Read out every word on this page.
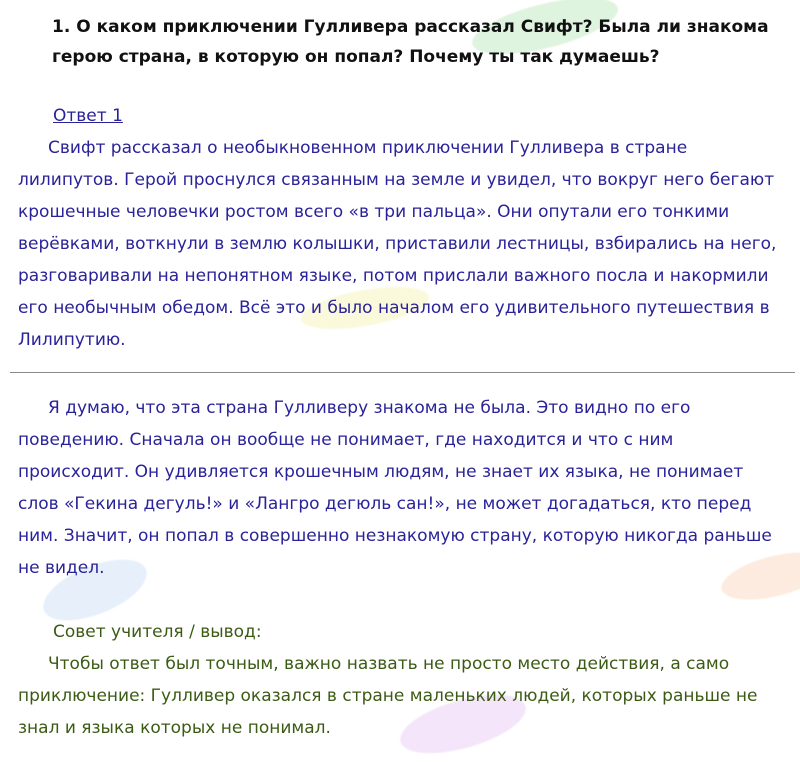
1. О каком приключении Гулливера рассказал Свифт? Была ли знакома герою страна, в которую он попал? Почему ты так думаешь?
Ответ 1
Свифт рассказал о необыкновенном приключении Гулливера в стране лилипутов. Герой проснулся связанным на земле и увидел, что вокруг него бегают крошечные человечки ростом всего «в три пальца». Они опутали его тонкими верёвками, воткнули в землю колышки, приставили лестницы, взбирались на него, разговаривали на непонятном языке, потом прислали важного посла и накормили его необычным обедом. Всё это и было началом его удивительного путешествия в Лилипутию.
Я думаю, что эта страна Гулливеру знакома не была. Это видно по его поведению. Сначала он вообще не понимает, где находится и что с ним происходит. Он удивляется крошечным людям, не знает их языка, не понимает слов «Гекина дегуль!» и «Лангро дегюль сан!», не может догадаться, кто перед ним. Значит, он попал в совершенно незнакомую страну, которую никогда раньше не видел.
Совет учителя / вывод:
Чтобы ответ был точным, важно назвать не просто место действия, а само приключение: Гулливер оказался в стране маленьких людей, которых раньше не знал и языка которых не понимал.
